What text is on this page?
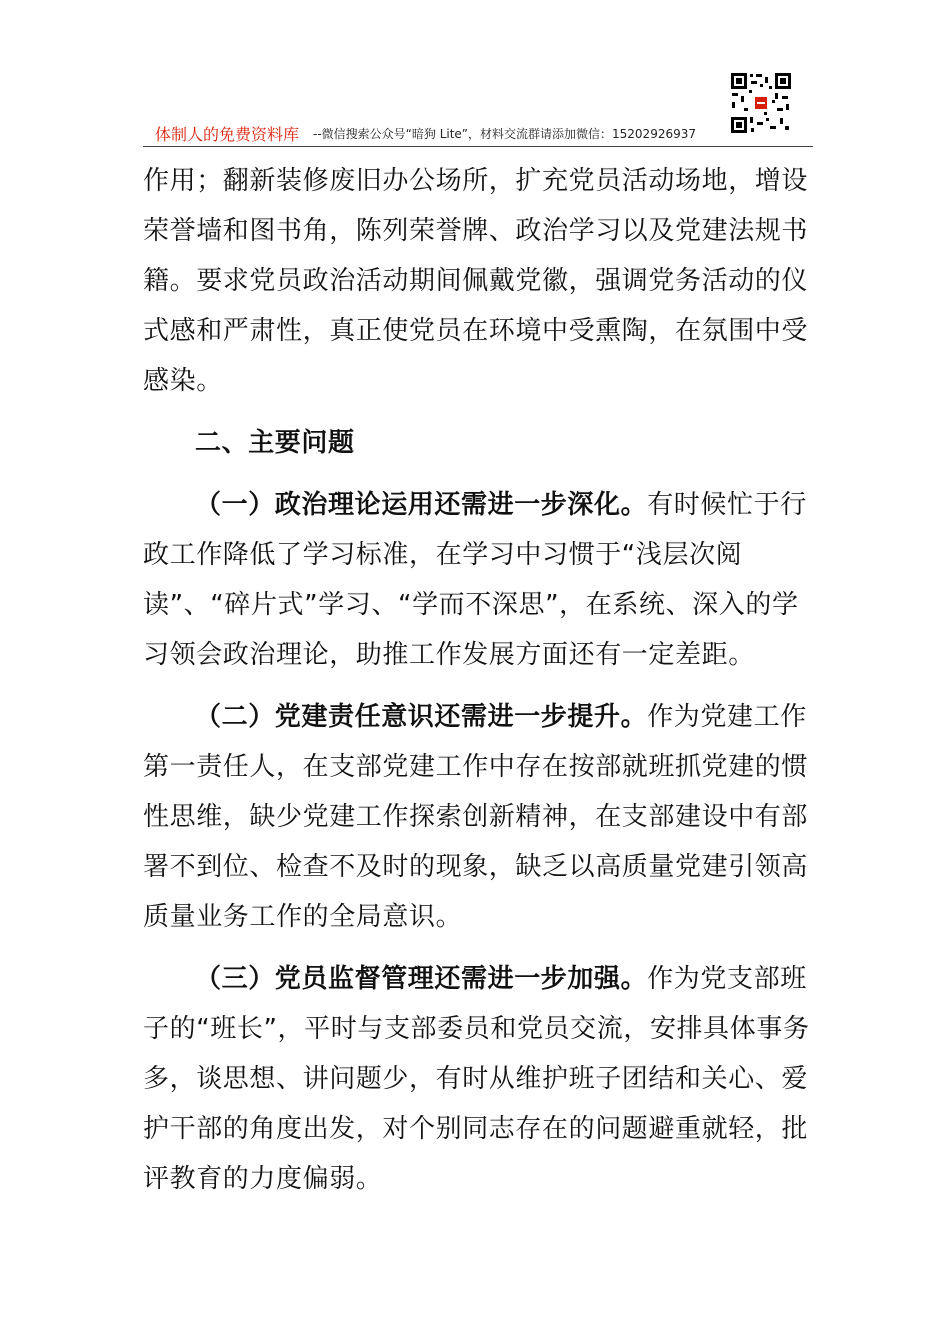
体制人的免费资料库 --微信搜索公众号“暗狗 Lite”，材料交流群请添加微信：15202926937

作用；翻新装修废旧办公场所，扩充党员活动场地，增设荣誉墙和图书角，陈列荣誉牌、政治学习以及党建法规书籍。要求党员政治活动期间佩戴党徽，强调党务活动的仪式感和严肃性，真正使党员在环境中受熏陶，在氛围中受感染。

二、主要问题

（一）政治理论运用还需进一步深化。有时候忙于行政工作降低了学习标准，在学习中习惯于“浅层次阅读”、“碎片式”学习、“学而不深思”，在系统、深入的学习领会政治理论，助推工作发展方面还有一定差距。

（二）党建责任意识还需进一步提升。作为党建工作第一责任人，在支部党建工作中存在按部就班抓党建的惯性思维，缺少党建工作探索创新精神，在支部建设中有部署不到位、检查不及时的现象，缺乏以高质量党建引领高质量业务工作的全局意识。

（三）党员监督管理还需进一步加强。作为党支部班子的“班长”，平时与支部委员和党员交流，安排具体事务多，谈思想、讲问题少，有时从维护班子团结和关心、爱护干部的角度出发，对个别同志存在的问题避重就轻，批评教育的力度偏弱。
